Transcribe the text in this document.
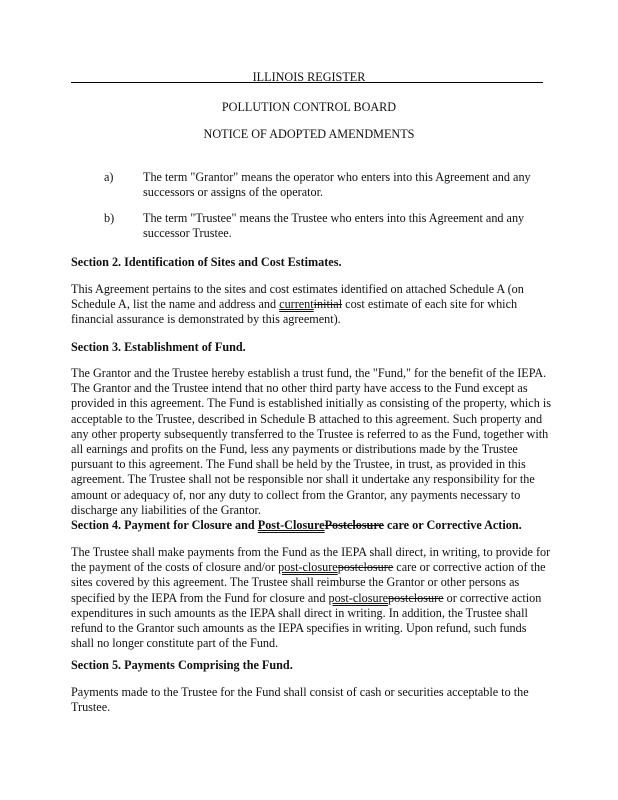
ILLINOIS REGISTER
POLLUTION CONTROL BOARD
NOTICE OF ADOPTED AMENDMENTS
a) The term "Grantor" means the operator who enters into this Agreement and any successors or assigns of the operator.
b) The term "Trustee" means the Trustee who enters into this Agreement and any successor Trustee.
Section 2. Identification of Sites and Cost Estimates.
This Agreement pertains to the sites and cost estimates identified on attached Schedule A (on Schedule A, list the name and address and currentinitial cost estimate of each site for which financial assurance is demonstrated by this agreement).
Section 3. Establishment of Fund.
The Grantor and the Trustee hereby establish a trust fund, the "Fund," for the benefit of the IEPA. The Grantor and the Trustee intend that no other third party have access to the Fund except as provided in this agreement. The Fund is established initially as consisting of the property, which is acceptable to the Trustee, described in Schedule B attached to this agreement. Such property and any other property subsequently transferred to the Trustee is referred to as the Fund, together with all earnings and profits on the Fund, less any payments or distributions made by the Trustee pursuant to this agreement. The Fund shall be held by the Trustee, in trust, as provided in this agreement. The Trustee shall not be responsible nor shall it undertake any responsibility for the amount or adequacy of, nor any duty to collect from the Grantor, any payments necessary to discharge any liabilities of the Grantor.
Section 4. Payment for Closure and Post-ClosurePostclosure care or Corrective Action.
The Trustee shall make payments from the Fund as the IEPA shall direct, in writing, to provide for the payment of the costs of closure and/or post-closurepostclosure care or corrective action of the sites covered by this agreement. The Trustee shall reimburse the Grantor or other persons as specified by the IEPA from the Fund for closure and post-closurepostclosure or corrective action expenditures in such amounts as the IEPA shall direct in writing. In addition, the Trustee shall refund to the Grantor such amounts as the IEPA specifies in writing. Upon refund, such funds shall no longer constitute part of the Fund.
Section 5. Payments Comprising the Fund.
Payments made to the Trustee for the Fund shall consist of cash or securities acceptable to the Trustee.
